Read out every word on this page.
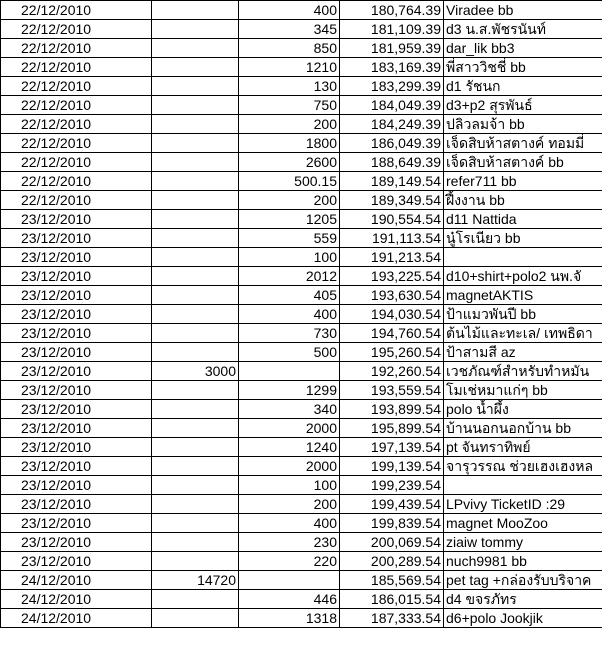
22/12/2010		400	180,764.39	Viradee bb
22/12/2010		345	181,109.39	d3 น.ส.พัชรนันท์
22/12/2010		850	181,959.39	dar_lik bb3
22/12/2010		1210	183,169.39	พี่สาววิชชี่ bb
22/12/2010		130	183,299.39	d1 รัชนก
22/12/2010		750	184,049.39	d3+p2 สุรพันธ์
22/12/2010		200	184,249.39	ปลิวลมจ้า bb
22/12/2010		1800	186,049.39	เจ็ดสิบห้าสตางค์ ทอมมี่
22/12/2010		2600	188,649.39	เจ็ดสิบห้าสตางค์ bb
22/12/2010		500.15	189,149.54	refer711 bb
22/12/2010		200	189,349.54	ฝึ้งงาน bb
23/12/2010		1205	190,554.54	d11 Nattida
23/12/2010		559	191,113.54	นู๋โรเนียว bb
23/12/2010		100	191,213.54	
23/12/2010		2012	193,225.54	d10+shirt+polo2 นพ.จั
23/12/2010		405	193,630.54	magnetAKTIS
23/12/2010		400	194,030.54	ป้าแมวพันปี bb
23/12/2010		730	194,760.54	ต้นไม้และทะเล/ เทพธิดา
23/12/2010		500	195,260.54	ป้าสามสี az
23/12/2010	3000		192,260.54	เวชภัณฑ์สำหรับทำหมัน
23/12/2010		1299	193,559.54	โมเช่หมาแก่ๆ bb
23/12/2010		340	193,899.54	polo น้ำผึ้ง
23/12/2010		2000	195,899.54	บ้านนอกนอกบ้าน bb
23/12/2010		1240	197,139.54	pt จันทราทิพย์
23/12/2010		2000	199,139.54	จารุวรรณ ช่วยเฮงเฮงหล
23/12/2010		100	199,239.54	
23/12/2010		200	199,439.54	LPvivy TicketID :29
23/12/2010		400	199,839.54	magnet MooZoo
23/12/2010		230	200,069.54	ziaiw tommy
23/12/2010		220	200,289.54	nuch9981 bb
24/12/2010	14720		185,569.54	pet tag +กล่องรับบริจาค
24/12/2010		446	186,015.54	d4 ขจรภัทร
24/12/2010		1318	187,333.54	d6+polo Jookjik
